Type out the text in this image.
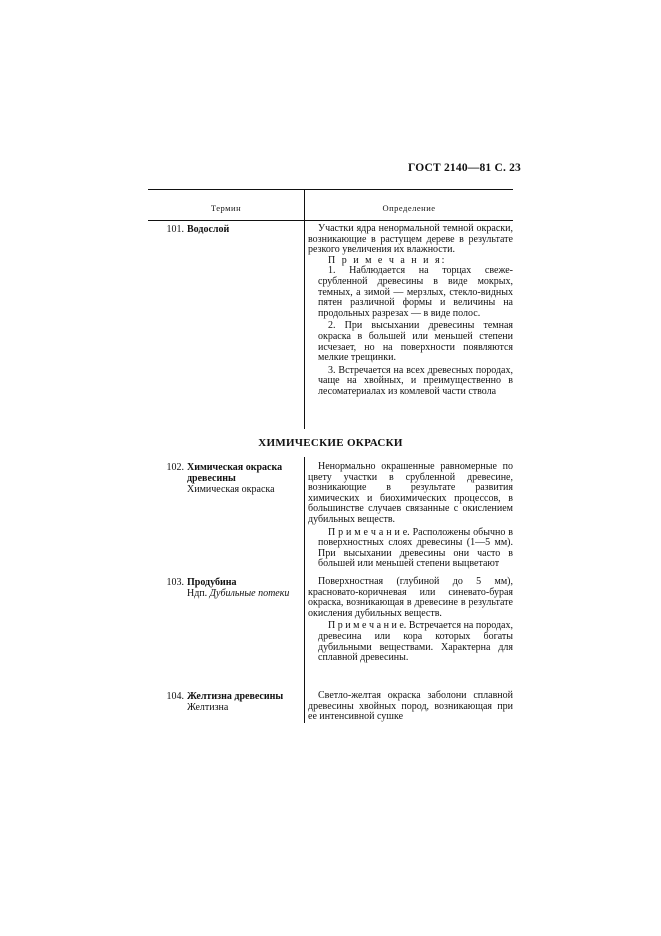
ГОСТ 2140—81 С. 23
Термин	Определение
101. Водослой	Участки ядра ненормальной темной окраски, возникающие в растущем дереве в результате резкого увеличения их влажности.

П р и м е ч а н и я:

1. Наблюдается на торцах свеже-срубленной древесины в виде мокрых, темных, а зимой — мерзлых, стекло-видных пятен различной формы и величины на продольных разрезах — в виде полос.

2. При высыхании древесины темная окраска в большей или меньшей степени исчезает, но на поверхности появляются мелкие трещинки.

3. Встречается на всех древесных породах, чаще на хвойных, и преимущественно в лесоматериалах из комлевой части ствола

ХИМИЧЕСКИЕ ОКРАСКИ
102. Химическая окраска
древесины
Химическая окраска

Ненормально окрашенные равномерные по цвету участки в срубленной древесине, возникающие в результате развития химических и биохимических процессов, в большинстве случаев связанные с окислением дубильных веществ.

П р и м е ч а н и е. Расположены обычно в поверхностных слоях древесины (1—5 мм). При высыхании древесины они часто в большей или меньшей степени выцветают

103. Продубина
Ндп. Дубильные потеки

Поверхностная (глубиной до 5 мм), красновато-коричневая или синевато-бурая окраска, возникающая в древесине в результате окисления дубильных веществ.

П р и м е ч а н и е. Встречается на породах, древесина или кора которых богаты дубильными веществами. Характерна для сплавной древесины.

104. Желтизна древесины
Желтизна

Светло-желтая окраска заболони сплавной древесины хвойных пород, возникающая при ее интенсивной сушке
